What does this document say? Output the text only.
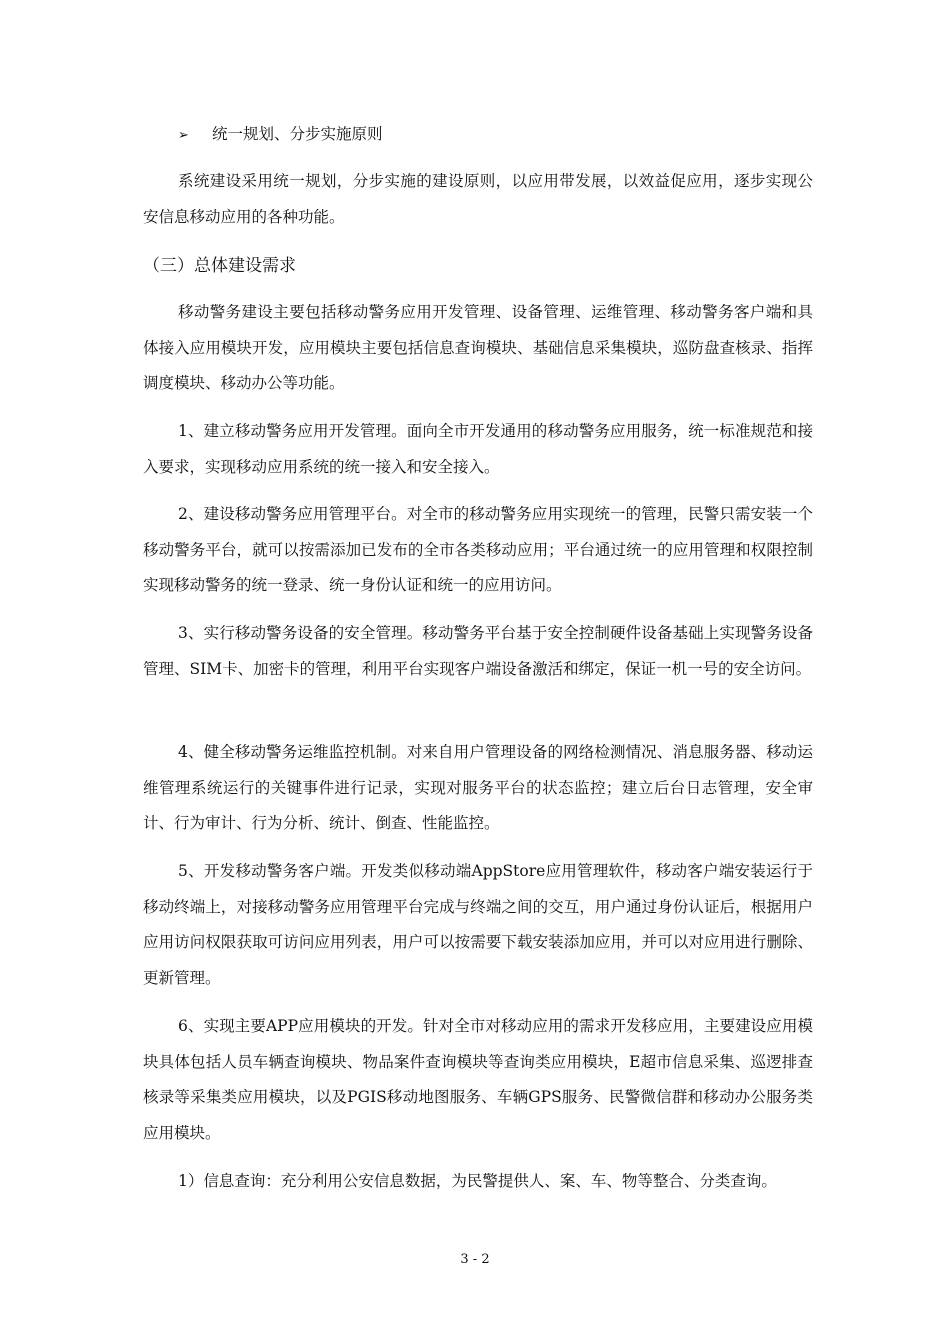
➢ 统一规划、分步实施原则

系统建设采用统一规划，分步实施的建设原则，以应用带发展，以效益促应用，逐步实现公安信息移动应用的各种功能。

（三）总体建设需求

移动警务建设主要包括移动警务应用开发管理、设备管理、运维管理、移动警务客户端和具体接入应用模块开发，应用模块主要包括信息查询模块、基础信息采集模块，巡防盘查核录、指挥调度模块、移动办公等功能。

1、建立移动警务应用开发管理。面向全市开发通用的移动警务应用服务，统一标准规范和接入要求，实现移动应用系统的统一接入和安全接入。

2、建设移动警务应用管理平台。对全市的移动警务应用实现统一的管理，民警只需安装一个移动警务平台，就可以按需添加已发布的全市各类移动应用；平台通过统一的应用管理和权限控制实现移动警务的统一登录、统一身份认证和统一的应用访问。

3、实行移动警务设备的安全管理。移动警务平台基于安全控制硬件设备基础上实现警务设备管理、SIM卡、加密卡的管理，利用平台实现客户端设备激活和绑定，保证一机一号的安全访问。

4、健全移动警务运维监控机制。对来自用户管理设备的网络检测情况、消息服务器、移动运维管理系统运行的关键事件进行记录，实现对服务平台的状态监控；建立后台日志管理，安全审计、行为审计、行为分析、统计、倒查、性能监控。

5、开发移动警务客户端。开发类似移动端AppStore应用管理软件，移动客户端安装运行于移动终端上，对接移动警务应用管理平台完成与终端之间的交互，用户通过身份认证后，根据用户应用访问权限获取可访问应用列表，用户可以按需要下载安装添加应用，并可以对应用进行删除、更新管理。

6、实现主要APP应用模块的开发。针对全市对移动应用的需求开发移应用，主要建设应用模块具体包括人员车辆查询模块、物品案件查询模块等查询类应用模块，E超市信息采集、巡逻排查核录等采集类应用模块，以及PGIS移动地图服务、车辆GPS服务、民警微信群和移动办公服务类应用模块。

1）信息查询：充分利用公安信息数据，为民警提供人、案、车、物等整合、分类查询。

3 - 2
